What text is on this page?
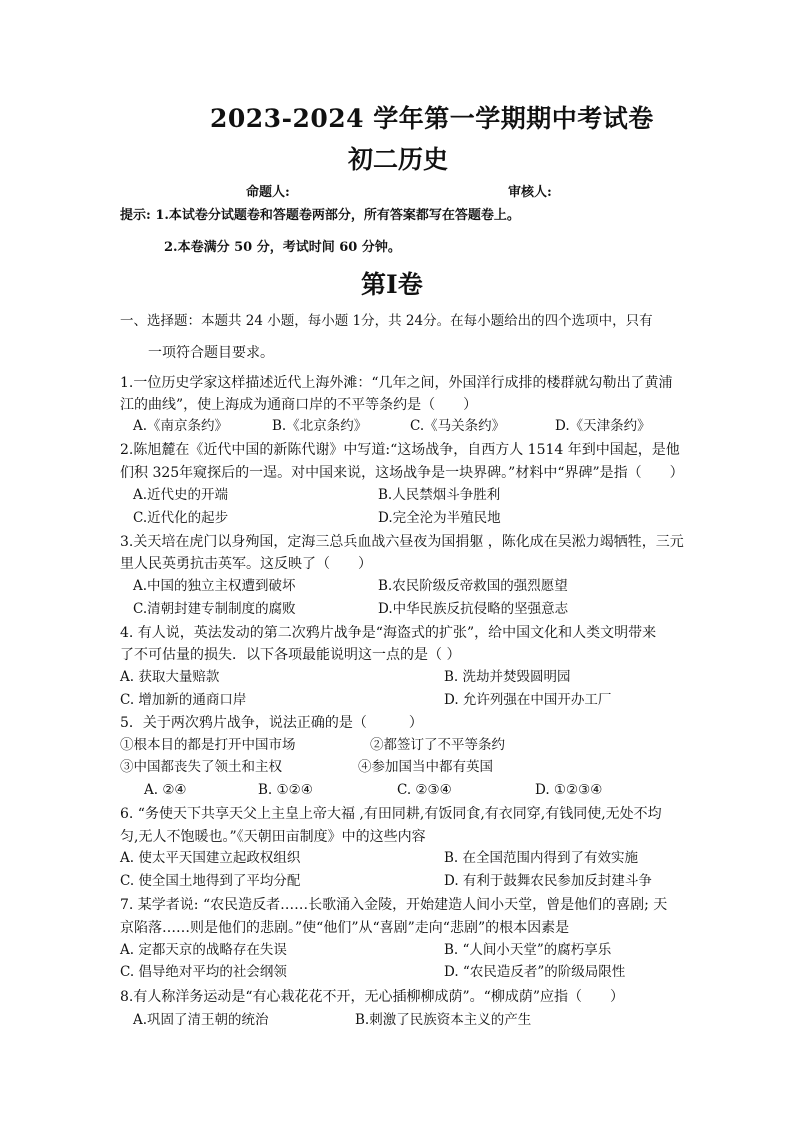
2023-2024 学年第一学期期中考试卷
初二历史
命题人:	审核人:
提示: 1.本试卷分试题卷和答题卷两部分，所有答案都写在答题卷上。
2.本卷满分 50 分，考试时间 60 分钟。
第Ⅰ卷
一、选择题：本题共 24 小题，每小题 1分，共 24分。在每小题给出的四个选项中，只有
一项符合题目要求。
1.一位历史学家这样描述近代上海外滩：“几年之间，外国洋行成排的楼群就勾勒出了黄浦
江的曲线”，使上海成为通商口岸的不平等条约是（　　）
A.《南京条约》	B.《北京条约》	C.《马关条约》	D.《天津条约》
2.陈旭麓在《近代中国的新陈代谢》中写道:“这场战争，自西方人 1514 年到中国起，是他
们积 325年窥探后的一逞。对中国来说，这场战争是一块界碑。”材料中“界碑”是指（　　）
A.近代史的开端	B.人民禁烟斗争胜利
C.近代化的起步	D.完全沦为半殖民地
3.关天培在虎门以身殉国，定海三总兵血战六昼夜为国捐躯 ，陈化成在吴淞力竭牺牲，三元
里人民英勇抗击英军。这反映了（　　）
A.中国的独立主权遭到破坏	B.农民阶级反帝救国的强烈愿望
C.清朝封建专制制度的腐败	D.中华民族反抗侵略的坚强意志
4. 有人说，英法发动的第二次鸦片战争是“海盗式的扩张”，给中国文化和人类文明带来
了不可估量的损失．以下各项最能说明这一点的是（ ）
A. 获取大量赔款	B. 洗劫并焚毁圆明园
C. 增加新的通商口岸	D. 允许列强在中国开办工厂
5．关于两次鸦片战争，说法正确的是（　　　）
①根本目的都是打开中国市场	②都签订了不平等条约
③中国都丧失了领土和主权	④参加国当中都有英国
A. ②④	B. ①②④	C. ②③④	D. ①②③④
6. “务使天下共享天父上主皇上帝大福 ,有田同耕,有饭同食,有衣同穿,有钱同使,无处不均
匀,无人不饱暖也。”《天朝田亩制度》中的这些内容
A. 使太平天国建立起政权组织	B. 在全国范围内得到了有效实施
C. 使全国土地得到了平均分配	D. 有利于鼓舞农民参加反封建斗争
7. 某学者说: “农民造反者……长歌涌入金陵，开始建造人间小天堂，曾是他们的喜剧; 天
京陷落……则是他们的悲剧。”使“他们”从“喜剧”走向“悲剧”的根本因素是
A. 定都天京的战略存在失误	B. “人间小天堂”的腐朽享乐
C. 倡导绝对平均的社会纲领	D. “农民造反者”的阶级局限性
8.有人称洋务运动是“有心栽花花不开，无心插柳柳成荫”。“柳成荫”应指（　　）
A.巩固了清王朝的统治	B.刺激了民族资本主义的产生
